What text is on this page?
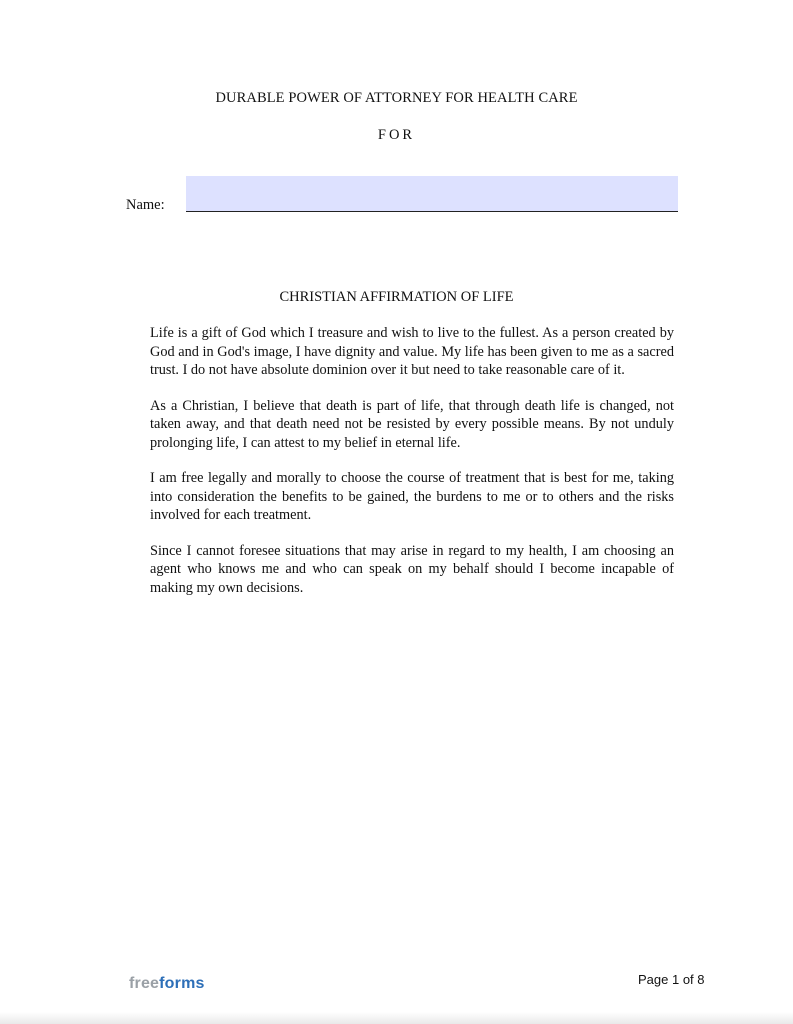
DURABLE POWER OF ATTORNEY FOR HEALTH CARE
FOR
Name:
CHRISTIAN AFFIRMATION OF LIFE

Life is a gift of God which I treasure and wish to live to the fullest. As a person created by God and in God's image, I have dignity and value. My life has been given to me as a sacred trust. I do not have absolute dominion over it but need to take reasonable care of it.

As a Christian, I believe that death is part of life, that through death life is changed, not taken away, and that death need not be resisted by every possible means. By not unduly prolonging life, I can attest to my belief in eternal life.

I am free legally and morally to choose the course of treatment that is best for me, taking into consideration the benefits to be gained, the burdens to me or to others and the risks involved for each treatment.

Since I cannot foresee situations that may arise in regard to my health, I am choosing an agent who knows me and who can speak on my behalf should I become incapable of making my own decisions.

freeforms	Page 1 of 8
